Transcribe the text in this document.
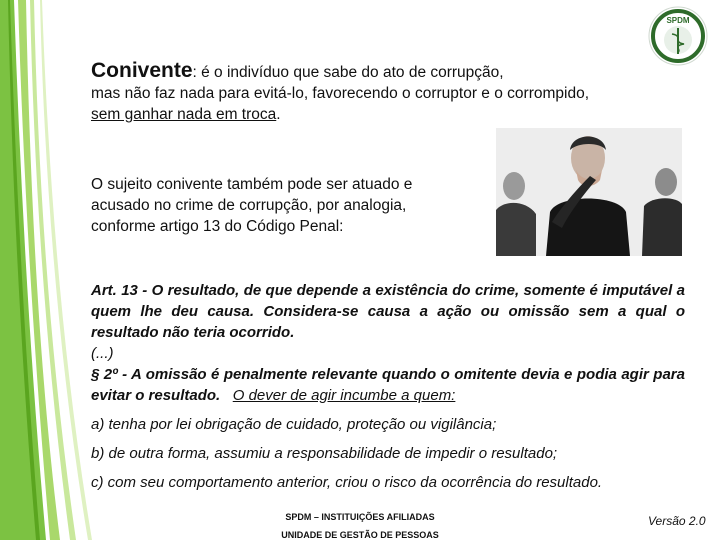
SPDM
Conivente: é o indivíduo que sabe do ato de corrupção,
mas não faz nada para evitá-lo, favorecendo o corruptor e o corrompido,
sem ganhar nada em troca.
O sujeito conivente também pode ser atuado e
acusado no crime de corrupção, por analogia,
conforme artigo 13 do Código Penal:

Art. 13 - O resultado, de que depende a existência do crime, somente é imputável a quem lhe deu causa. Considera-se causa a ação ou omissão sem a qual o resultado não teria ocorrido.

(...)

§ 2º - A omissão é penalmente relevante quando o omitente devia e podia agir para evitar o resultado. O dever de agir incumbe a quem:

a) tenha por lei obrigação de cuidado, proteção ou vigilância;
b) de outra forma, assumiu a responsabilidade de impedir o resultado;
c) com seu comportamento anterior, criou o risco da ocorrência do resultado.
SPDM – INSTITUIÇÕES AFILIADAS
UNIDADE DE GESTÃO DE PESSOAS
Versão 2.0
